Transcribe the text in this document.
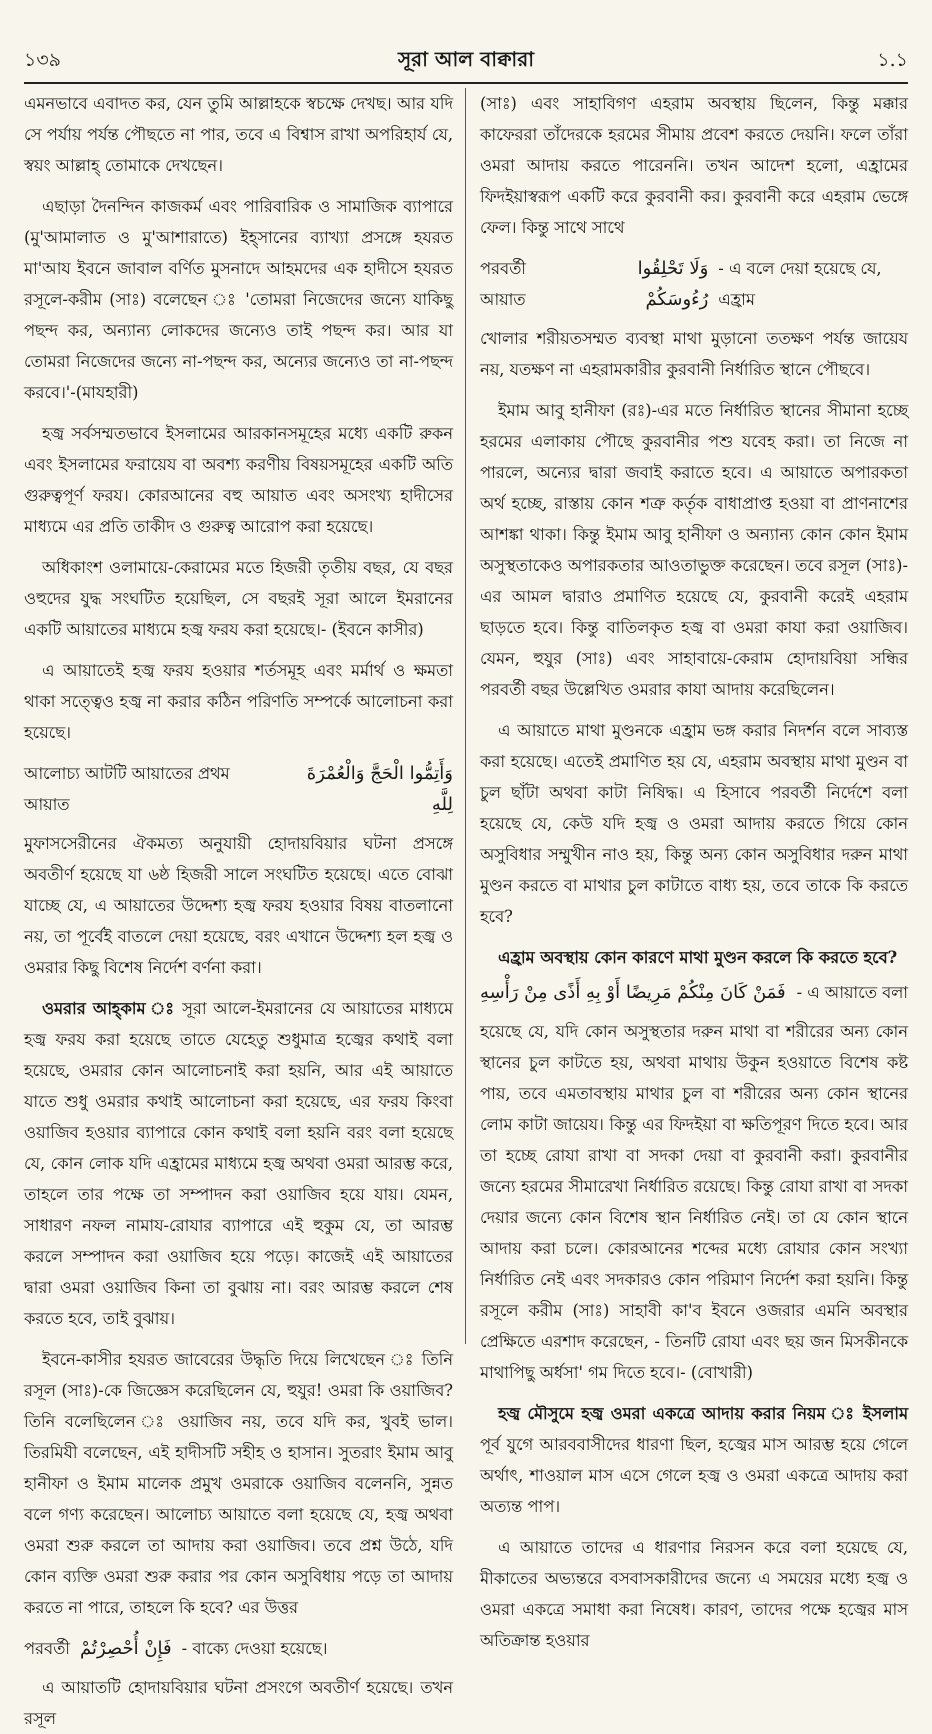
১৩৯	সূরা আল বাক্বারা	১.১

এমনভাবে এবাদত কর, যেন তুমি আল্লাহকে স্বচক্ষে দেখছ। আর যদি সে পর্যায় পর্যন্ত পৌছতে না পার, তবে এ বিশ্বাস রাখা অপরিহার্য যে, স্বয়ং আল্লাহ্ তোমাকে দেখছেন।

এছাড়া দৈনন্দিন কাজকর্ম এবং পারিবারিক ও সামাজিক ব্যাপারে (মু'আমালাত ও মু'আশারাতে) ইহ্সানের ব্যাখ্যা প্রসঙ্গে হযরত মা'আয ইবনে জাবাল বর্ণিত মুসনাদে আহমদের এক হাদীসে হযরত রসূলে-করীম (সাঃ) বলেছেন ঃ 'তোমরা নিজেদের জন্যে যাকিছু পছন্দ কর, অন্যান্য লোকদের জন্যেও তাই পছন্দ কর। আর যা তোমরা নিজেদের জন্যে না-পছন্দ কর, অন্যের জন্যেও তা না-পছন্দ করবে।'-(মাযহারী)

হজ্ব সর্বসম্মতভাবে ইসলামের আরকানসমূহের মধ্যে একটি রুকন এবং ইসলামের ফরায়েয বা অবশ্য করণীয় বিষয়সমূহের একটি অতি গুরুত্বপূর্ণ ফরয। কোরআনের বহু আয়াত এবং অসংখ্য হাদীসের মাধ্যমে এর প্রতি তাকীদ ও গুরুত্ব আরোপ করা হয়েছে।

অধিকাংশ ওলামায়ে-কেরামের মতে হিজরী তৃতীয় বছর, যে বছর ওহুদের যুদ্ধ সংঘটিত হয়েছিল, সে বছরই সূরা আলে ইমরানের একটি আয়াতের মাধ্যমে হজ্ব ফরয করা হয়েছে।- (ইবনে কাসীর)

এ আয়াতেই হজ্ব ফরয হওয়ার শর্তসমূহ এবং মর্মার্থ ও ক্ষমতা থাকা সত্ত্বেও হজ্ব না করার কঠিন পরিণতি সম্পর্কে আলোচনা করা হয়েছে।

আলোচ্য আটটি আয়াতের প্রথম আয়াত
وَأَتِمُّوا الْحَجَّ وَالْعُمْرَةَ لِلَّهِ

মুফাসসেরীনের ঐকমত্য অনুযায়ী হোদায়বিয়ার ঘটনা প্রসঙ্গে অবতীর্ণ হয়েছে যা ৬ষ্ঠ হিজরী সালে সংঘটিত হয়েছে। এতে বোঝা যাচ্ছে যে, এ আয়াতের উদ্দেশ্য হজ্ব ফরয হওয়ার বিষয় বাতলানো নয়, তা পূর্বেই বাতলে দেয়া হয়েছে, বরং এখানে উদ্দেশ্য হল হজ্ব ও ওমরার কিছু বিশেষ নির্দেশ বর্ণনা করা।

ওমরার আহ্কাম ঃ সূরা আলে-ইমরানের যে আয়াতের মাধ্যমে হজ্ব ফরয করা হয়েছে তাতে যেহেতু শুধুমাত্র হজ্বের কথাই বলা হয়েছে, ওমরার কোন আলোচনাই করা হয়নি, আর এই আয়াতে যাতে শুধু ওমরার কথাই আলোচনা করা হয়েছে, এর ফরয কিংবা ওয়াজিব হওয়ার ব্যাপারে কোন কথাই বলা হয়নি বরং বলা হয়েছে যে, কোন লোক যদি এহ্রামের মাধ্যমে হজ্ব অথবা ওমরা আরম্ভ করে, তাহলে তার পক্ষে তা সম্পাদন করা ওয়াজিব হয়ে যায়। যেমন, সাধারণ নফল নামায-রোযার ব্যাপারে এই হুকুম যে, তা আরম্ভ করলে সম্পাদন করা ওয়াজিব হয়ে পড়ে। কাজেই এই আয়াতের দ্বারা ওমরা ওয়াজিব কিনা তা বুঝায় না। বরং আরম্ভ করলে শেষ করতে হবে, তাই বুঝায়।

ইবনে-কাসীর হযরত জাবেরের উদ্ধৃতি দিয়ে লিখেছেন ঃ তিনি রসূল (সাঃ)-কে জিজ্ঞেস করেছিলেন যে, হুযুর! ওমরা কি ওয়াজিব? তিনি বলেছিলেন ঃ ওয়াজিব নয়, তবে যদি কর, খুবই ভাল। তিরমিযী বলেছেন, এই হাদীসটি সহীহ ও হাসান। সুতরাং ইমাম আবু হানীফা ও ইমাম মালেক প্রমুখ ওমরাকে ওয়াজিব বলেননি, সুন্নত বলে গণ্য করেছেন। আলোচ্য আয়াতে বলা হয়েছে যে, হজ্ব অথবা ওমরা শুরু করলে তা আদায় করা ওয়াজিব। তবে প্রশ্ন উঠে, যদি কোন ব্যক্তি ওমরা শুরু করার পর কোন অসুবিধায় পড়ে তা আদায় করতে না পারে, তাহলে কি হবে? এর উত্তর

পরবর্তী فَإِنْ أُحْصِرْتُمْ - বাক্যে দেওয়া হয়েছে।

এ আয়াতটি হোদায়বিয়ার ঘটনা প্রসংগে অবতীর্ণ হয়েছে। তখন রসূল

(সাঃ) এবং সাহাবিগণ এহরাম অবস্থায় ছিলেন, কিন্তু মক্কার কাফেররা তাঁদেরকে হরমের সীমায় প্রবেশ করতে দেয়নি। ফলে তাঁরা ওমরা আদায় করতে পারেননি। তখন আদেশ হলো, এহ্রামের ফিদইয়াস্বরূপ একটি করে কুরবানী কর। কুরবানী করে এহরাম ভেঙ্গে ফেল। কিন্তু সাথে সাথে

পরবর্তী আয়াত
وَلَا تَحْلِقُوا رُءُوسَكُمْ
- এ বলে দেয়া হয়েছে যে, এহ্রাম

খোলার শরীয়তসম্মত ব্যবস্থা মাথা মুড়ানো ততক্ষণ পর্যন্ত জায়েয নয়, যতক্ষণ না এহরামকারীর কুরবানী নির্ধারিত স্থানে পৌছবে।

ইমাম আবু হানীফা (রঃ)-এর মতে নির্ধারিত স্থানের সীমানা হচ্ছে হরমের এলাকায় পৌছে কুরবানীর পশু যবেহ করা। তা নিজে না পারলে, অন্যের দ্বারা জবাই করাতে হবে। এ আয়াতে অপারকতা অর্থ হচ্ছে, রাস্তায় কোন শত্রু কর্তৃক বাধাপ্রাপ্ত হওয়া বা প্রাণনাশের আশঙ্কা থাকা। কিন্তু ইমাম আবু হানীফা ও অন্যান্য কোন কোন ইমাম অসুস্থতাকেও অপারকতার আওতাভুক্ত করেছেন। তবে রসূল (সাঃ)-এর আমল দ্বারাও প্রমাণিত হয়েছে যে, কুরবানী করেই এহরাম ছাড়তে হবে। কিন্তু বাতিলকৃত হজ্ব বা ওমরা কাযা করা ওয়াজিব। যেমন, হুযুর (সাঃ) এবং সাহাবায়ে-কেরাম হোদায়বিয়া সন্ধির পরবর্তী বছর উল্লেখিত ওমরার কাযা আদায় করেছিলেন।

এ আয়াতে মাথা মুণ্ডনকে এহ্রাম ভঙ্গ করার নিদর্শন বলে সাব্যস্ত করা হয়েছে। এতেই প্রমাণিত হয় যে, এহরাম অবস্থায় মাথা মুণ্ডন বা চুল ছাঁটা অথবা কাটা নিষিদ্ধ। এ হিসাবে পরবর্তী নির্দেশে বলা হয়েছে যে, কেউ যদি হজ্ব ও ওমরা আদায় করতে গিয়ে কোন অসুবিধার সম্মুখীন নাও হয়, কিন্তু অন্য কোন অসুবিধার দরুন মাথা মুণ্ডন করতে বা মাথার চুল কাটাতে বাধ্য হয়, তবে তাকে কি করতে হবে?

এহ্রাম অবস্থায় কোন কারণে মাথা মুণ্ডন করলে কি করতে হবে?

فَمَنْ كَانَ مِنْكُمْ مَرِيضًا أَوْ بِهِ أَذًى مِنْ رَأْسِهِ - এ আয়াতে বলা

হয়েছে যে, যদি কোন অসুস্থতার দরুন মাথা বা শরীরের অন্য কোন স্থানের চুল কাটতে হয়, অথবা মাথায় উকুন হওয়াতে বিশেষ কষ্ট পায়, তবে এমতাবস্থায় মাথার চুল বা শরীরের অন্য কোন স্থানের লোম কাটা জায়েয। কিন্তু এর ফিদইয়া বা ক্ষতিপূরণ দিতে হবে। আর তা হচ্ছে রোযা রাখা বা সদকা দেয়া বা কুরবানী করা। কুরবানীর জন্যে হরমের সীমারেখা নির্ধারিত রয়েছে। কিন্তু রোযা রাখা বা সদকা দেয়ার জন্যে কোন বিশেষ স্থান নির্ধারিত নেই। তা যে কোন স্থানে আদায় করা চলে। কোরআনের শব্দের মধ্যে রোযার কোন সংখ্যা নির্ধারিত নেই এবং সদকারও কোন পরিমাণ নির্দেশ করা হয়নি। কিন্তু রসূলে করীম (সাঃ) সাহাবী কা'ব ইবনে ওজরার এমনি অবস্থার প্রেক্ষিতে এরশাদ করেছেন, - তিনটি রোযা এবং ছয় জন মিসকীনকে মাথাপিছু অর্ধসা' গম দিতে হবে।- (বোখারী)

হজ্ব মৌসুমে হজ্ব ওমরা একত্রে আদায় করার নিয়ম ঃ ইসলাম পূর্ব যুগে আরববাসীদের ধারণা ছিল, হজ্বের মাস আরম্ভ হয়ে গেলে অর্থাৎ, শাওয়াল মাস এসে গেলে হজ্ব ও ওমরা একত্রে আদায় করা অত্যন্ত পাপ।

এ আয়াতে তাদের এ ধারণার নিরসন করে বলা হয়েছে যে, মীকাতের অভ্যন্তরে বসবাসকারীদের জন্যে এ সময়ের মধ্যে হজ্ব ও ওমরা একত্রে সমাধা করা নিষেধ। কারণ, তাদের পক্ষে হজ্বের মাস অতিক্রান্ত হওয়ার
